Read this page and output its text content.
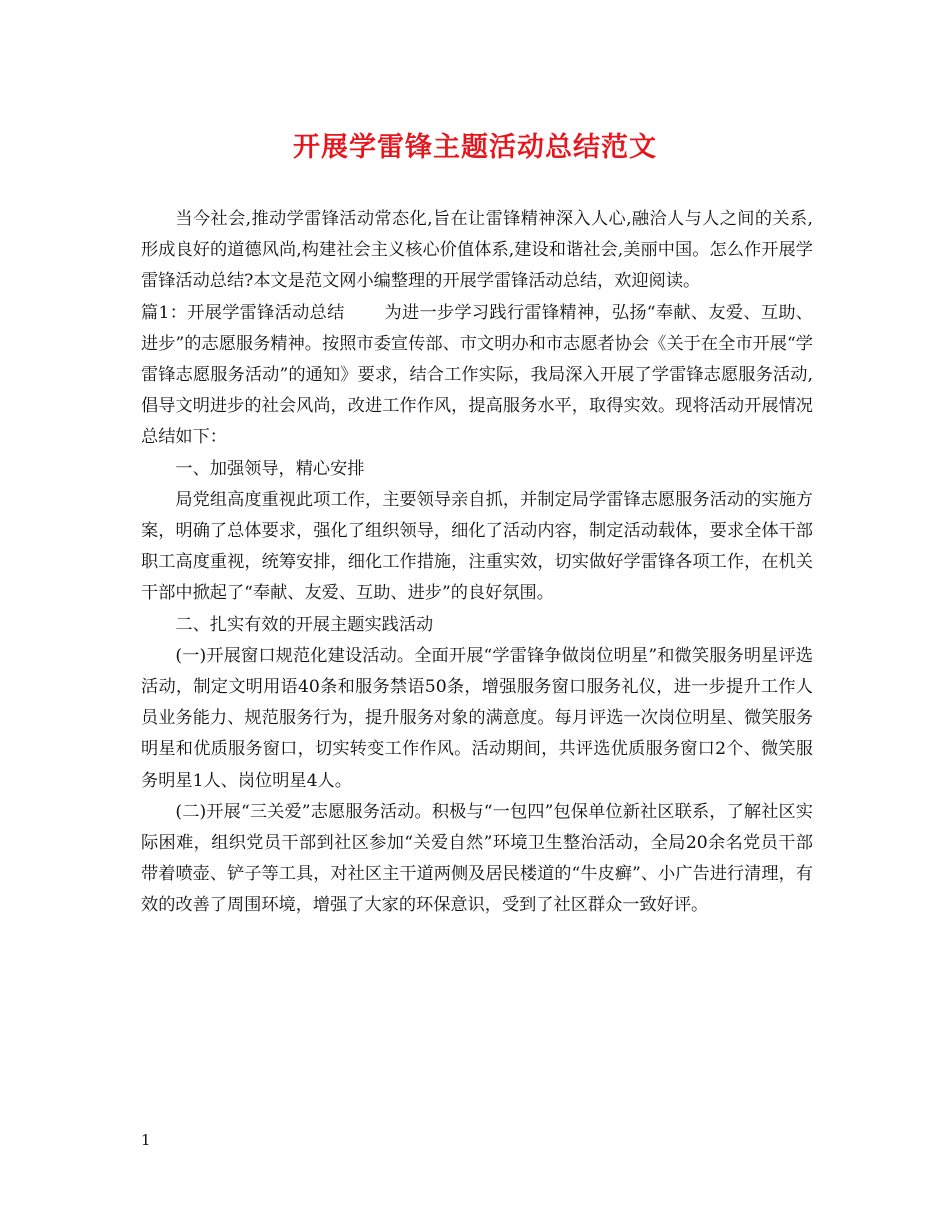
开展学雷锋主题活动总结范文

当今社会,推动学雷锋活动常态化,旨在让雷锋精神深入人心,融洽人与人之间的关系,形成良好的道德风尚,构建社会主义核心价值体系,建设和谐社会,美丽中国。怎么作开展学雷锋活动总结?本文是范文网小编整理的开展学雷锋活动总结，欢迎阅读。

篇1：开展学雷锋活动总结 为进一步学习践行雷锋精神，弘扬“奉献、友爱、互助、进步”的志愿服务精神。按照市委宣传部、市文明办和市志愿者协会《关于在全市开展“学雷锋志愿服务活动”的通知》要求，结合工作实际，我局深入开展了学雷锋志愿服务活动, 倡导文明进步的社会风尚，改进工作作风，提高服务水平，取得实效。现将活动开展情况总结如下：

一、加强领导，精心安排

局党组高度重视此项工作，主要领导亲自抓，并制定局学雷锋志愿服务活动的实施方案，明确了总体要求，强化了组织领导，细化了活动内容，制定活动载体，要求全体干部职工高度重视，统筹安排，细化工作措施，注重实效，切实做好学雷锋各项工作，在机关干部中掀起了“奉献、友爱、互助、进步”的良好氛围。

二、扎实有效的开展主题实践活动

(一)开展窗口规范化建设活动。全面开展“学雷锋争做岗位明星”和微笑服务明星评选活动，制定文明用语40条和服务禁语50条，增强服务窗口服务礼仪，进一步提升工作人员业务能力、规范服务行为，提升服务对象的满意度。每月评选一次岗位明星、微笑服务明星和优质服务窗口，切实转变工作作风。活动期间，共评选优质服务窗口2个、微笑服务明星1人、岗位明星4人。

(二)开展“三关爱”志愿服务活动。积极与“一包四”包保单位新社区联系，了解社区实际困难，组织党员干部到社区参加“关爱自然”环境卫生整治活动，全局20余名党员干部带着喷壶、铲子等工具，对社区主干道两侧及居民楼道的“牛皮癣”、小广告进行清理，有效的改善了周围环境，增强了大家的环保意识，受到了社区群众一致好评。

1
